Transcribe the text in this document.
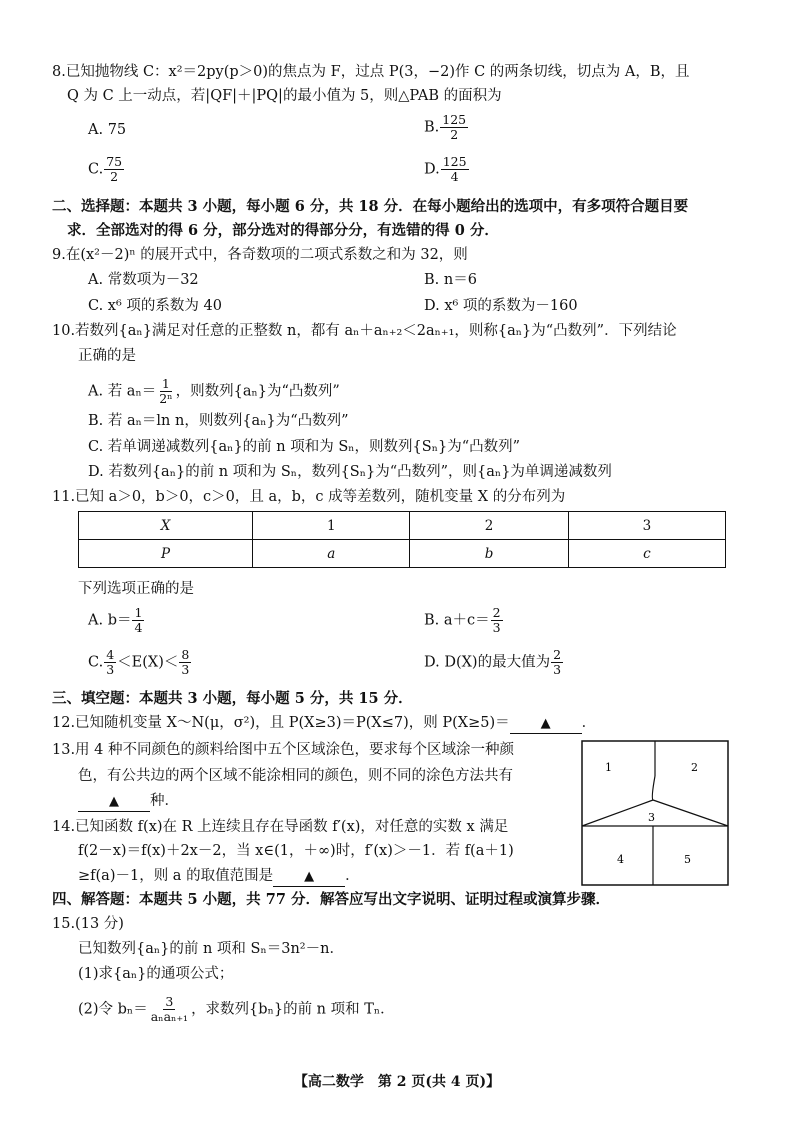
8.已知抛物线 C：x²＝2py(p＞0)的焦点为 F，过点 P(3，−2)作 C 的两条切线，切点为 A，B，且
Q 为 C 上一动点，若|QF|＋|PQ|的最小值为 5，则△PAB 的面积为
A. 75	B. $\frac{125}{2}$
C. $\frac{75}{2}$	D. $\frac{125}{4}$
二、选择题：本题共 3 小题，每小题 6 分，共 18 分．在每小题给出的选项中，有多项符合题目要
求．全部选对的得 6 分，部分选对的得部分分，有选错的得 0 分．
9.在(x²－2)ⁿ 的展开式中，各奇数项的二项式系数之和为 32，则
A. 常数项为－32	B. n＝6
C. x⁶ 项的系数为 40	D. x⁶ 项的系数为－160
10.若数列{aₙ}满足对任意的正整数 n，都有 aₙ＋aₙ₊₂＜2aₙ₊₁，则称{aₙ}为“凸数列”．下列结论
正确的是
A. 若 $a_n= \frac{1}{\text{2ⁿ}}$ ，则数列{aₙ}为“凸数列”
B. 若 aₙ＝ln n，则数列{aₙ}为“凸数列”
C. 若单调递减数列{aₙ}的前 n 项和为 Sₙ，则数列{Sₙ}为“凸数列”
D. 若数列{aₙ}的前 n 项和为 Sₙ，数列{Sₙ}为“凸数列”，则{aₙ}为单调递减数列
11.已知 a＞0，b＞0，c＞0，且 a，b，c 成等差数列，随机变量 X 的分布列为
X	1	2	3
P	a	b	c
下列选项正确的是
A. $b= \frac{1}{4}$	B. $a+c= \frac{2}{3}$
C. $\frac{4}{3} <E(X)< \frac{8}{3}$	D. D(X)的最大值为 $\frac{2}{3}$
三、填空题：本题共 3 小题，每小题 5 分，共 15 分．
12.已知随机变量 X～N(μ，σ²)，且 P(X≥3)＝P(X≤7)，则 P(X≥5)＝ ▲ ．
13.用 4 种不同颜色的颜料给图中五个区域涂色，要求每个区域涂一种颜
色，有公共边的两个区域不能涂相同的颜色，则不同的涂色方法共有
▲ 种．
1	2
3
4	5
14.已知函数 f(x)在 R 上连续且存在导函数 f′(x)，对任意的实数 x 满足
f(2－x)＝f(x)＋2x－2，当 x∈(1，＋∞)时，f′(x)＞－1．若 f(a＋1)
≥f(a)－1，则 a 的取值范围是 ▲ ．
四、解答题：本题共 5 小题，共 77 分．解答应写出文字说明、证明过程或演算步骤．
15.(13 分)
已知数列{aₙ}的前 n 项和 Sₙ＝3n²－n．
(1)求{aₙ}的通项公式；
(2)令 $b_n= \frac{3}{\text{aₙaₙ₊₁}}$ ，求数列{bₙ}的前 n 项和 Tₙ．
【高二数学　第 2 页(共 4 页)】
